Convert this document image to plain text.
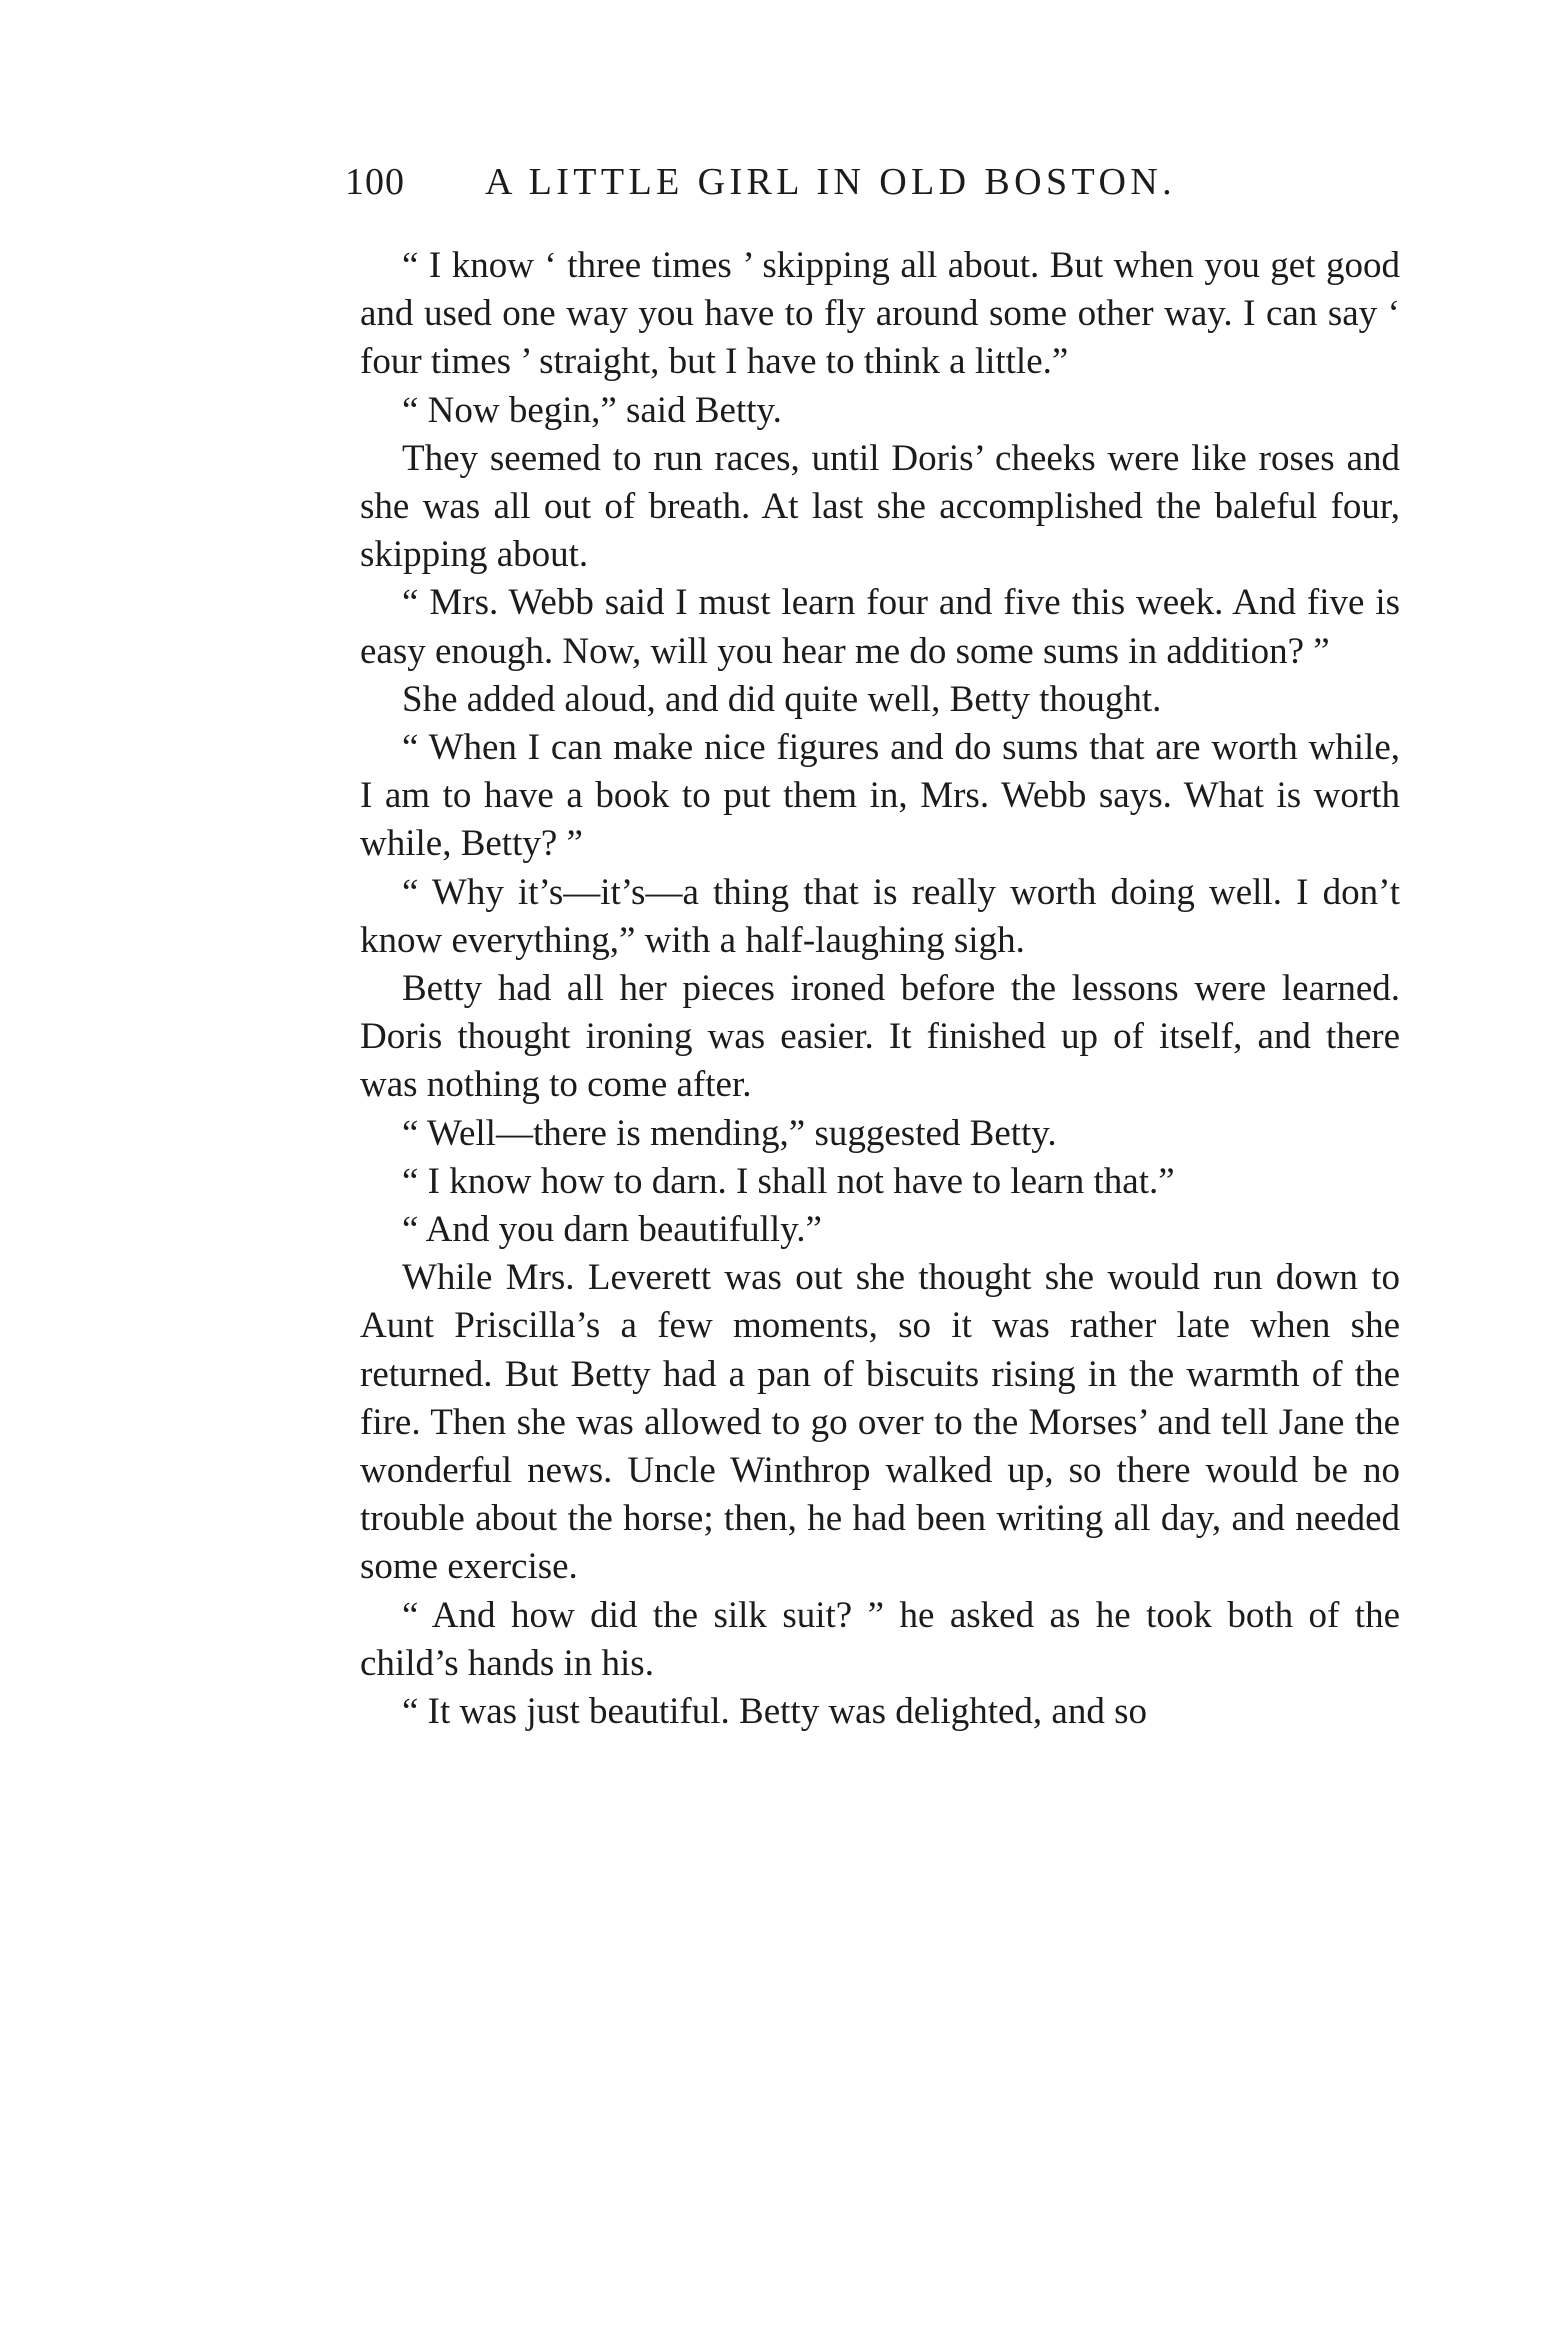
100 A LITTLE GIRL IN OLD BOSTON.

“ I know ‘ three times ’ skipping all about. But when you get good and used one way you have to fly around some other way. I can say ‘ four times ’ straight, but I have to think a little.”

“ Now begin,” said Betty.

They seemed to run races, until Doris’ cheeks were like roses and she was all out of breath. At last she accomplished the baleful four, skipping about.

“ Mrs. Webb said I must learn four and five this week. And five is easy enough. Now, will you hear me do some sums in addition? ”

She added aloud, and did quite well, Betty thought.

“ When I can make nice figures and do sums that are worth while, I am to have a book to put them in, Mrs. Webb says. What is worth while, Betty? ”

“ Why it’s—it’s—a thing that is really worth doing well. I don’t know everything,” with a half-laughing sigh.

Betty had all her pieces ironed before the lessons were learned. Doris thought ironing was easier. It finished up of itself, and there was nothing to come after.

“ Well—there is mending,” suggested Betty.

“ I know how to darn. I shall not have to learn that.”

“ And you darn beautifully.”

While Mrs. Leverett was out she thought she would run down to Aunt Priscilla’s a few moments, so it was rather late when she returned. But Betty had a pan of biscuits rising in the warmth of the fire. Then she was allowed to go over to the Morses’ and tell Jane the wonderful news. Uncle Winthrop walked up, so there would be no trouble about the horse; then, he had been writing all day, and needed some exercise.

“ And how did the silk suit? ” he asked as he took both of the child’s hands in his.

“ It was just beautiful. Betty was delighted, and so
